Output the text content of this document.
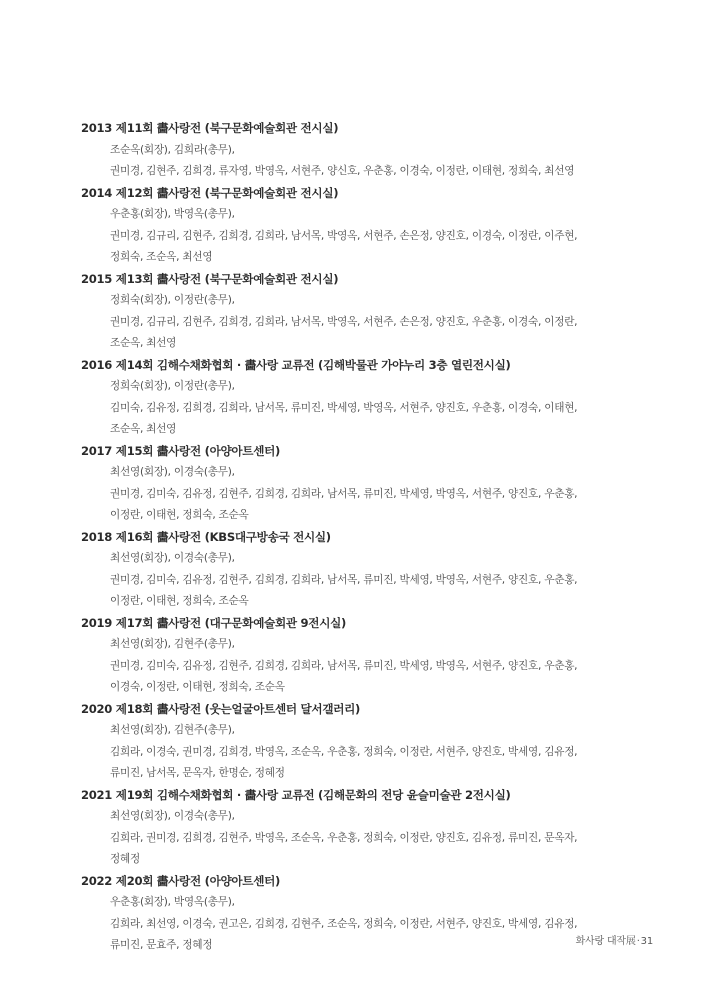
2013 제11회 畵사랑전 (북구문화예술회관 전시실)
조순옥(회장), 김희라(총무),
권미경, 김현주, 김희경, 류자영, 박영옥, 서현주, 양신호, 우춘홍, 이경숙, 이정란, 이태현, 정희숙, 최선영
2014 제12회 畵사랑전 (북구문화예술회관 전시실)
우춘홍(회장), 박영옥(총무),
권미경, 김규리, 김현주, 김희경, 김희라, 남서목, 박영옥, 서현주, 손은정, 양진호, 이경숙, 이정란, 이주현,
정희숙, 조순옥, 최선영
2015 제13회 畵사랑전 (북구문화예술회관 전시실)
정희숙(회장), 이정란(총무),
권미경, 김규리, 김현주, 김희경, 김희라, 남서목, 박영옥, 서현주, 손은정, 양진호, 우춘홍, 이경숙, 이정란,
조순옥, 최선영
2016 제14회 김해수채화협회 · 畵사랑 교류전 (김해박물관 가야누리 3층 열린전시실)
정희숙(회장), 이정란(총무),
김미숙, 김유정, 김희경, 김희라, 남서목, 류미진, 박세영, 박영옥, 서현주, 양진호, 우춘홍, 이경숙, 이태현,
조순옥, 최선영
2017 제15회 畵사랑전 (아양아트센터)
최선영(회장), 이경숙(총무),
권미경, 김미숙, 김유정, 김현주, 김희경, 김희라, 남서목, 류미진, 박세영, 박영옥, 서현주, 양진호, 우춘홍,
이정란, 이태현, 정희숙, 조순옥
2018 제16회 畵사랑전 (KBS대구방송국 전시실)
최선영(회장), 이경숙(총무),
권미경, 김미숙, 김유정, 김현주, 김희경, 김희라, 남서목, 류미진, 박세영, 박영옥, 서현주, 양진호, 우춘홍,
이정란, 이태현, 정희숙, 조순옥
2019 제17회 畵사랑전 (대구문화예술회관 9전시실)
최선영(회장), 김현주(총무),
권미경, 김미숙, 김유정, 김현주, 김희경, 김희라, 남서목, 류미진, 박세영, 박영옥, 서현주, 양진호, 우춘홍,
이경숙, 이정란, 이태현, 정희숙, 조순옥
2020 제18회 畵사랑전 (웃는얼굴아트센터 달서갤러리)
최선영(회장), 김현주(총무),
김희라, 이경숙, 권미경, 김희경, 박영옥, 조순옥, 우춘홍, 정희숙, 이정란, 서현주, 양진호, 박세영, 김유정,
류미진, 남서목, 문옥자, 한명순, 정혜정
2021 제19회 김해수채화협회 · 畵사랑 교류전 (김해문화의 전당 윤슬미술관 2전시실)
최선영(회장), 이경숙(총무),
김희라, 권미경, 김희경, 김현주, 박영옥, 조순옥, 우춘홍, 정희숙, 이정란, 양진호, 김유정, 류미진, 문옥자,
정혜정
2022 제20회 畵사랑전 (아양아트센터)
우춘홍(회장), 박영옥(총무),
김희라, 최선영, 이경숙, 권고은, 김희경, 김현주, 조순옥, 정희숙, 이정란, 서현주, 양진호, 박세영, 김유정,
류미진, 문효주, 정혜정	화사랑 대작展·31
